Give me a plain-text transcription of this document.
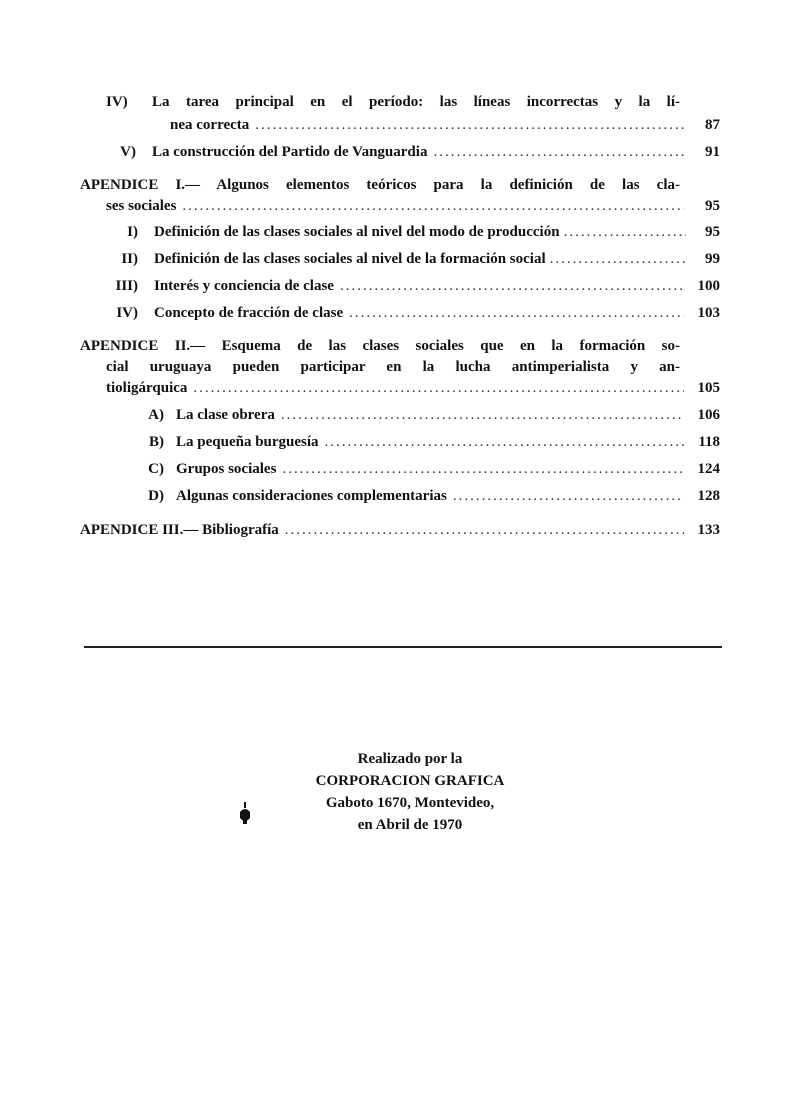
IV)	La tarea principal en el período: las líneas incorrectas y la lí-
nea correcta .....	87
V) La construcción del Partido de Vanguardia .....	91
APENDICE I.— Algunos elementos teóricos para la definición de las cla-
ses sociales .....	95
I) Definición de las clases sociales al nivel del modo de producción .....	95
II) Definición de las clases sociales al nivel de la formación social .....	99
III) Interés y conciencia de clase .....	100
IV) Concepto de fracción de clase .....	103
APENDICE II.— Esquema de las clases sociales que en la formación so-
cial uruguaya pueden participar en la lucha antimperialista y an-
tioligárquica .....	105
A) La clase obrera .....	106
B) La pequeña burguesía .....	118
C) Grupos sociales .....	124
D) Algunas consideraciones complementarias .....	128
APENDICE III.— Bibliografía .....	133
Realizado por la
CORPORACION GRAFICA
Gaboto 1670, Montevideo,
en Abril de 1970
